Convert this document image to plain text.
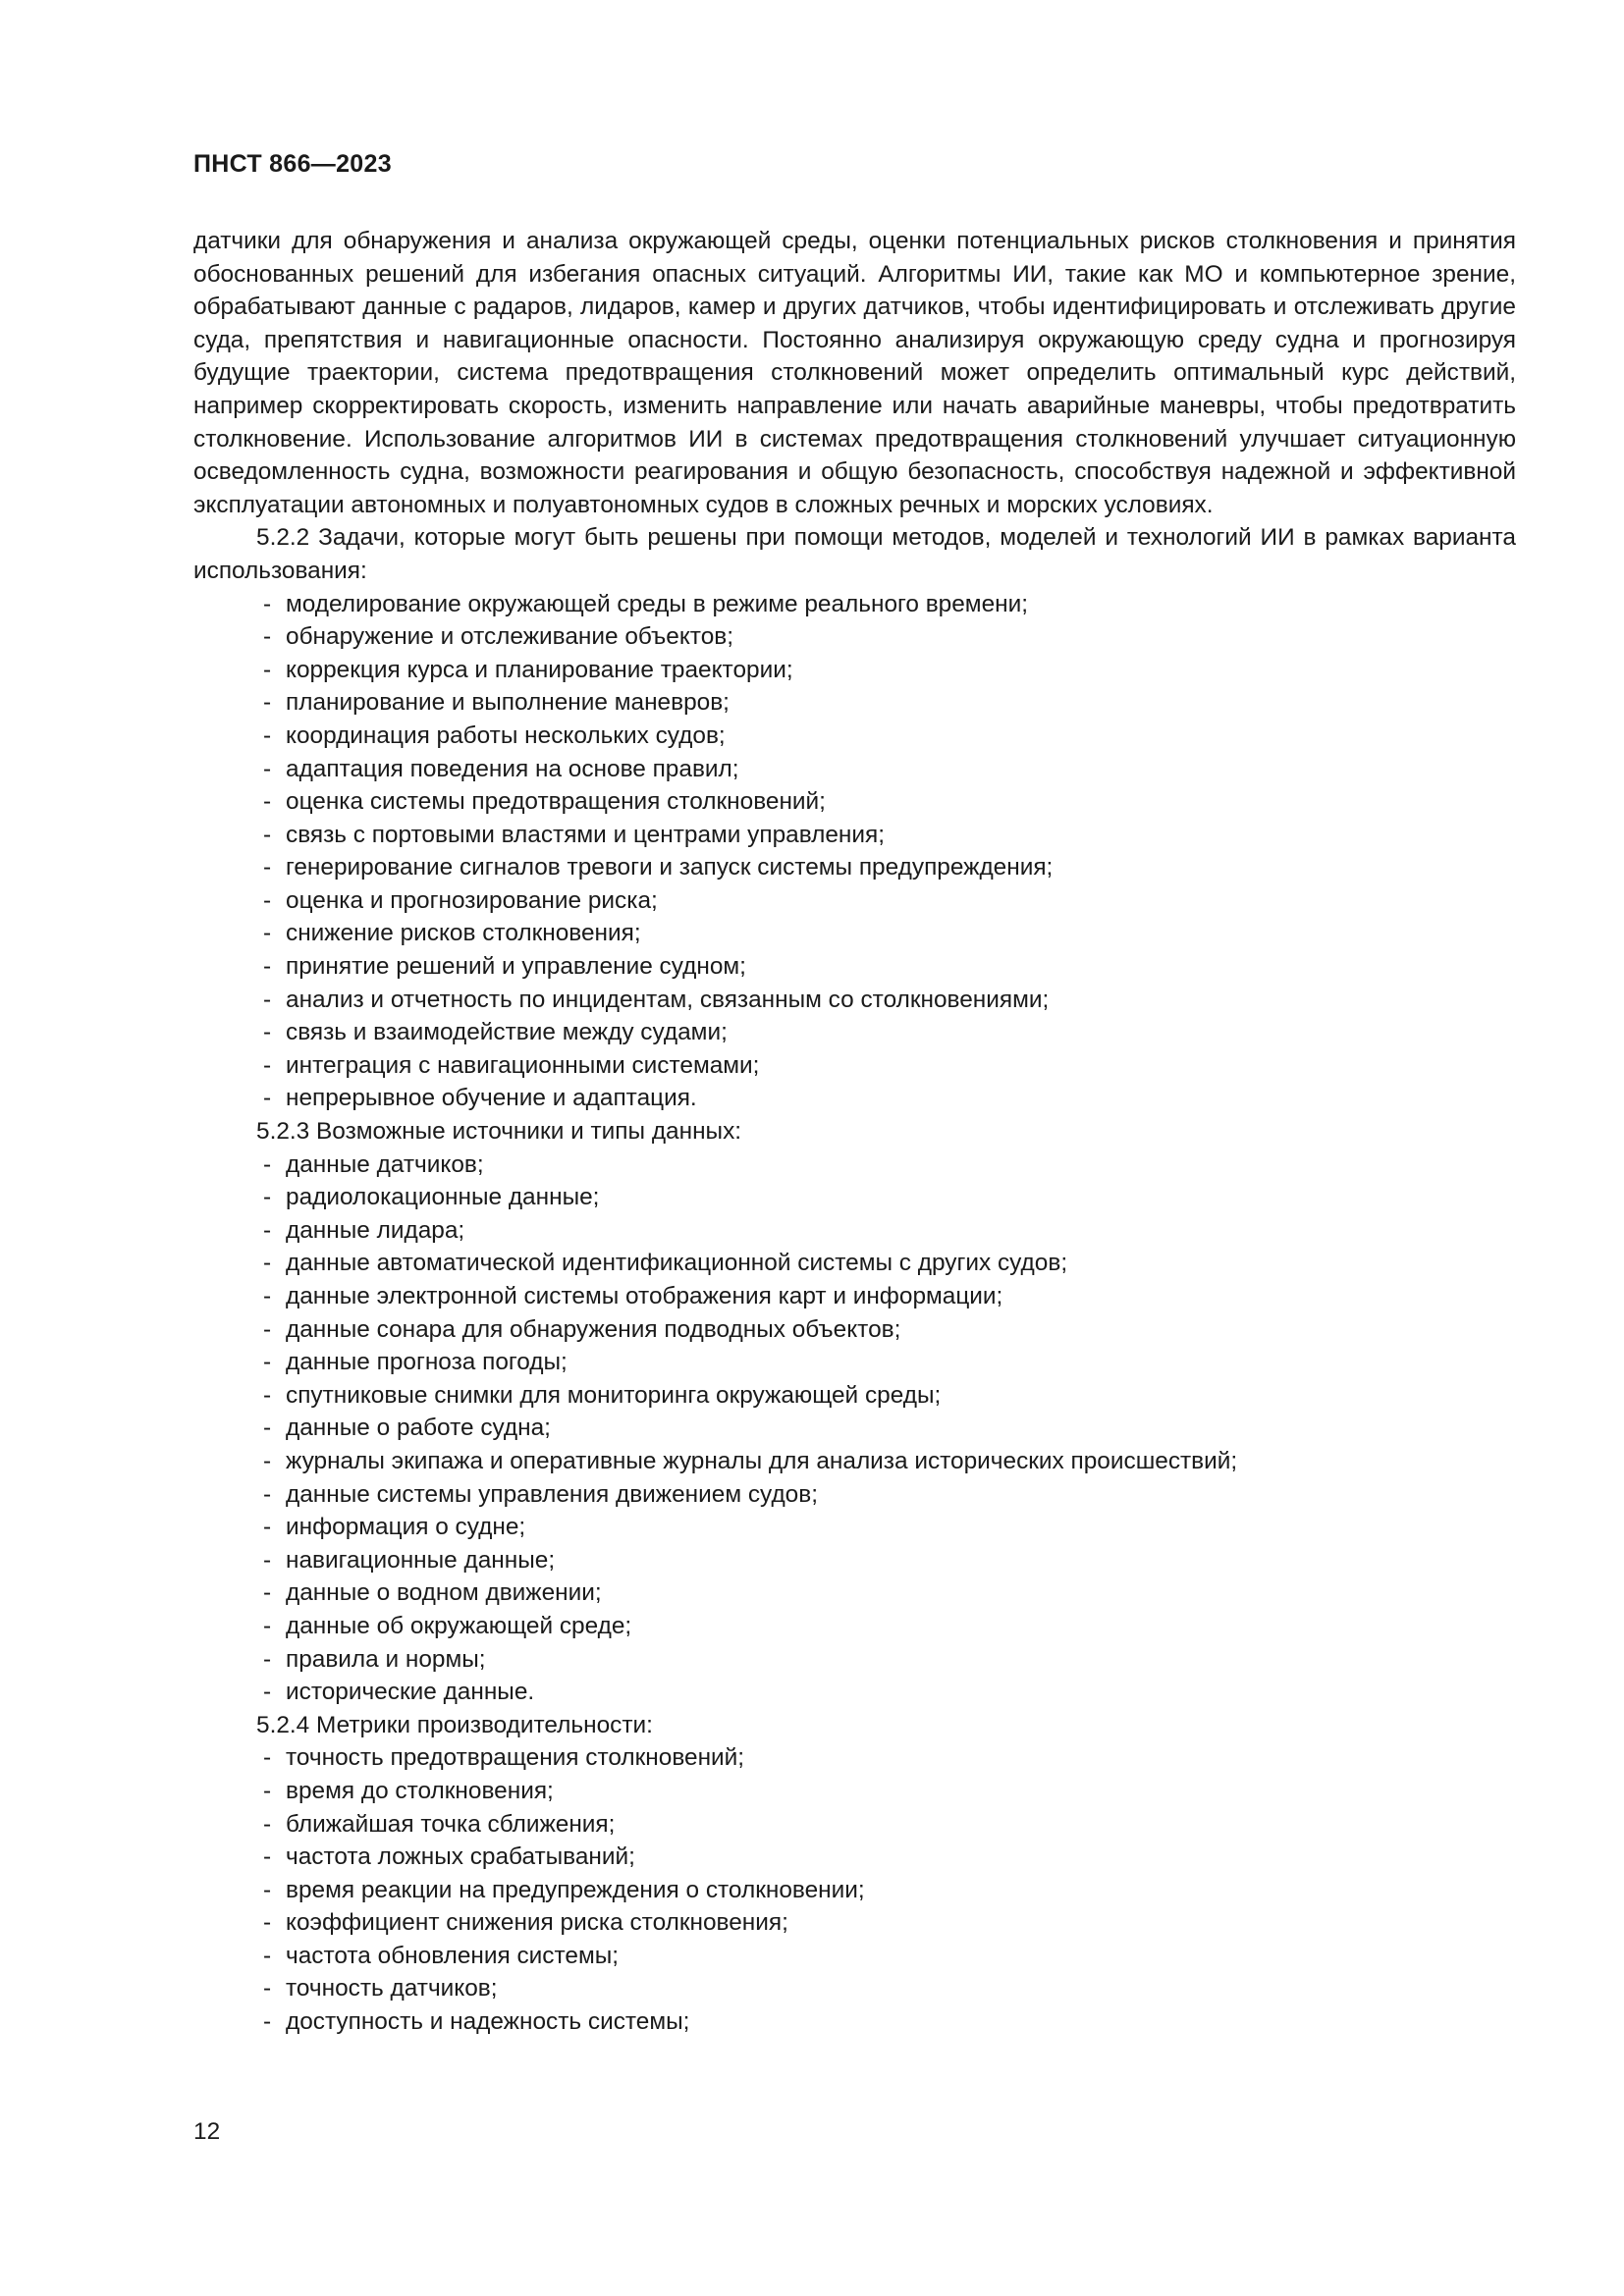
ПНСТ 866—2023

датчики для обнаружения и анализа окружающей среды, оценки потенциальных рисков столкновения и принятия обоснованных решений для избегания опасных ситуаций. Алгоритмы ИИ, такие как МО и компьютерное зрение, обрабатывают данные с радаров, лидаров, камер и других датчиков, чтобы идентифицировать и отслеживать другие суда, препятствия и навигационные опасности. Постоянно анализируя окружающую среду судна и прогнозируя будущие траектории, система предотвращения столкновений может определить оптимальный курс действий, например скорректировать скорость, изменить направление или начать аварийные маневры, чтобы предотвратить столкновение. Использование алгоритмов ИИ в системах предотвращения столкновений улучшает ситуационную осведомленность судна, возможности реагирования и общую безопасность, способствуя надежной и эффективной эксплуатации автономных и полуавтономных судов в сложных речных и морских условиях.

5.2.2 Задачи, которые могут быть решены при помощи методов, моделей и технологий ИИ в рамках варианта использования:

- моделирование окружающей среды в режиме реального времени;
- обнаружение и отслеживание объектов;
- коррекция курса и планирование траектории;
- планирование и выполнение маневров;
- координация работы нескольких судов;
- адаптация поведения на основе правил;
- оценка системы предотвращения столкновений;
- связь с портовыми властями и центрами управления;
- генерирование сигналов тревоги и запуск системы предупреждения;
- оценка и прогнозирование риска;
- снижение рисков столкновения;
- принятие решений и управление судном;
- анализ и отчетность по инцидентам, связанным со столкновениями;
- связь и взаимодействие между судами;
- интеграция с навигационными системами;
- непрерывное обучение и адаптация.

5.2.3 Возможные источники и типы данных:

- данные датчиков;
- радиолокационные данные;
- данные лидара;
- данные автоматической идентификационной системы с других судов;
- данные электронной системы отображения карт и информации;
- данные сонара для обнаружения подводных объектов;
- данные прогноза погоды;
- спутниковые снимки для мониторинга окружающей среды;
- данные о работе судна;
- журналы экипажа и оперативные журналы для анализа исторических происшествий;
- данные системы управления движением судов;
- информация о судне;
- навигационные данные;
- данные о водном движении;
- данные об окружающей среде;
- правила и нормы;
- исторические данные.

5.2.4 Метрики производительности:

- точность предотвращения столкновений;
- время до столкновения;
- ближайшая точка сближения;
- частота ложных срабатываний;
- время реакции на предупреждения о столкновении;
- коэффициент снижения риска столкновения;
- частота обновления системы;
- точность датчиков;
- доступность и надежность системы;
12
